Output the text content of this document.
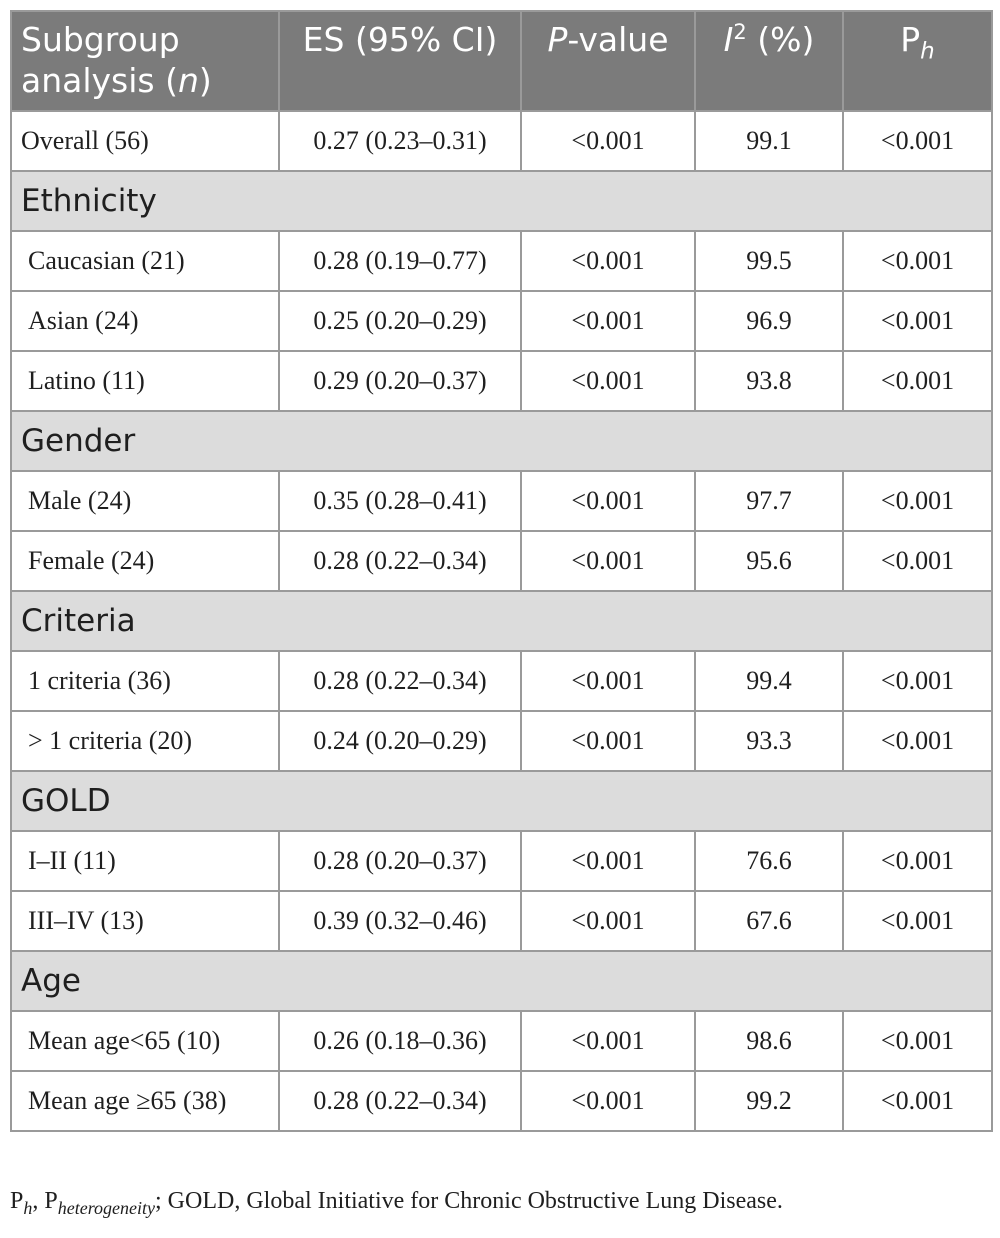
Subgroup
analysis (n)	ES (95% CI)	P-value	$I^2$ (%)	$P_h$
Overall (56)	0.27 (0.23–0.31)	<0.001	99.1	<0.001
Ethnicity				
Caucasian (21)	0.28 (0.19–0.77)	<0.001	99.5	<0.001
Asian (24)	0.25 (0.20–0.29)	<0.001	96.9	<0.001
Latino (11)	0.29 (0.20–0.37)	<0.001	93.8	<0.001
Gender				
Male (24)	0.35 (0.28–0.41)	<0.001	97.7	<0.001
Female (24)	0.28 (0.22–0.34)	<0.001	95.6	<0.001
Criteria				
1 criteria (36)	0.28 (0.22–0.34)	<0.001	99.4	<0.001
> 1 criteria (20)	0.24 (0.20–0.29)	<0.001	93.3	<0.001
GOLD				
I–II (11)	0.28 (0.20–0.37)	<0.001	76.6	<0.001
III–IV (13)	0.39 (0.32–0.46)	<0.001	67.6	<0.001
Age				
Mean age<65 (10)	0.26 (0.18–0.36)	<0.001	98.6	<0.001
Mean age ≥65 (38)	0.28 (0.22–0.34)	<0.001	99.2	<0.001
$P_h$, $P_{heterogeneity}$; GOLD, Global Initiative for Chronic Obstructive Lung Disease.
